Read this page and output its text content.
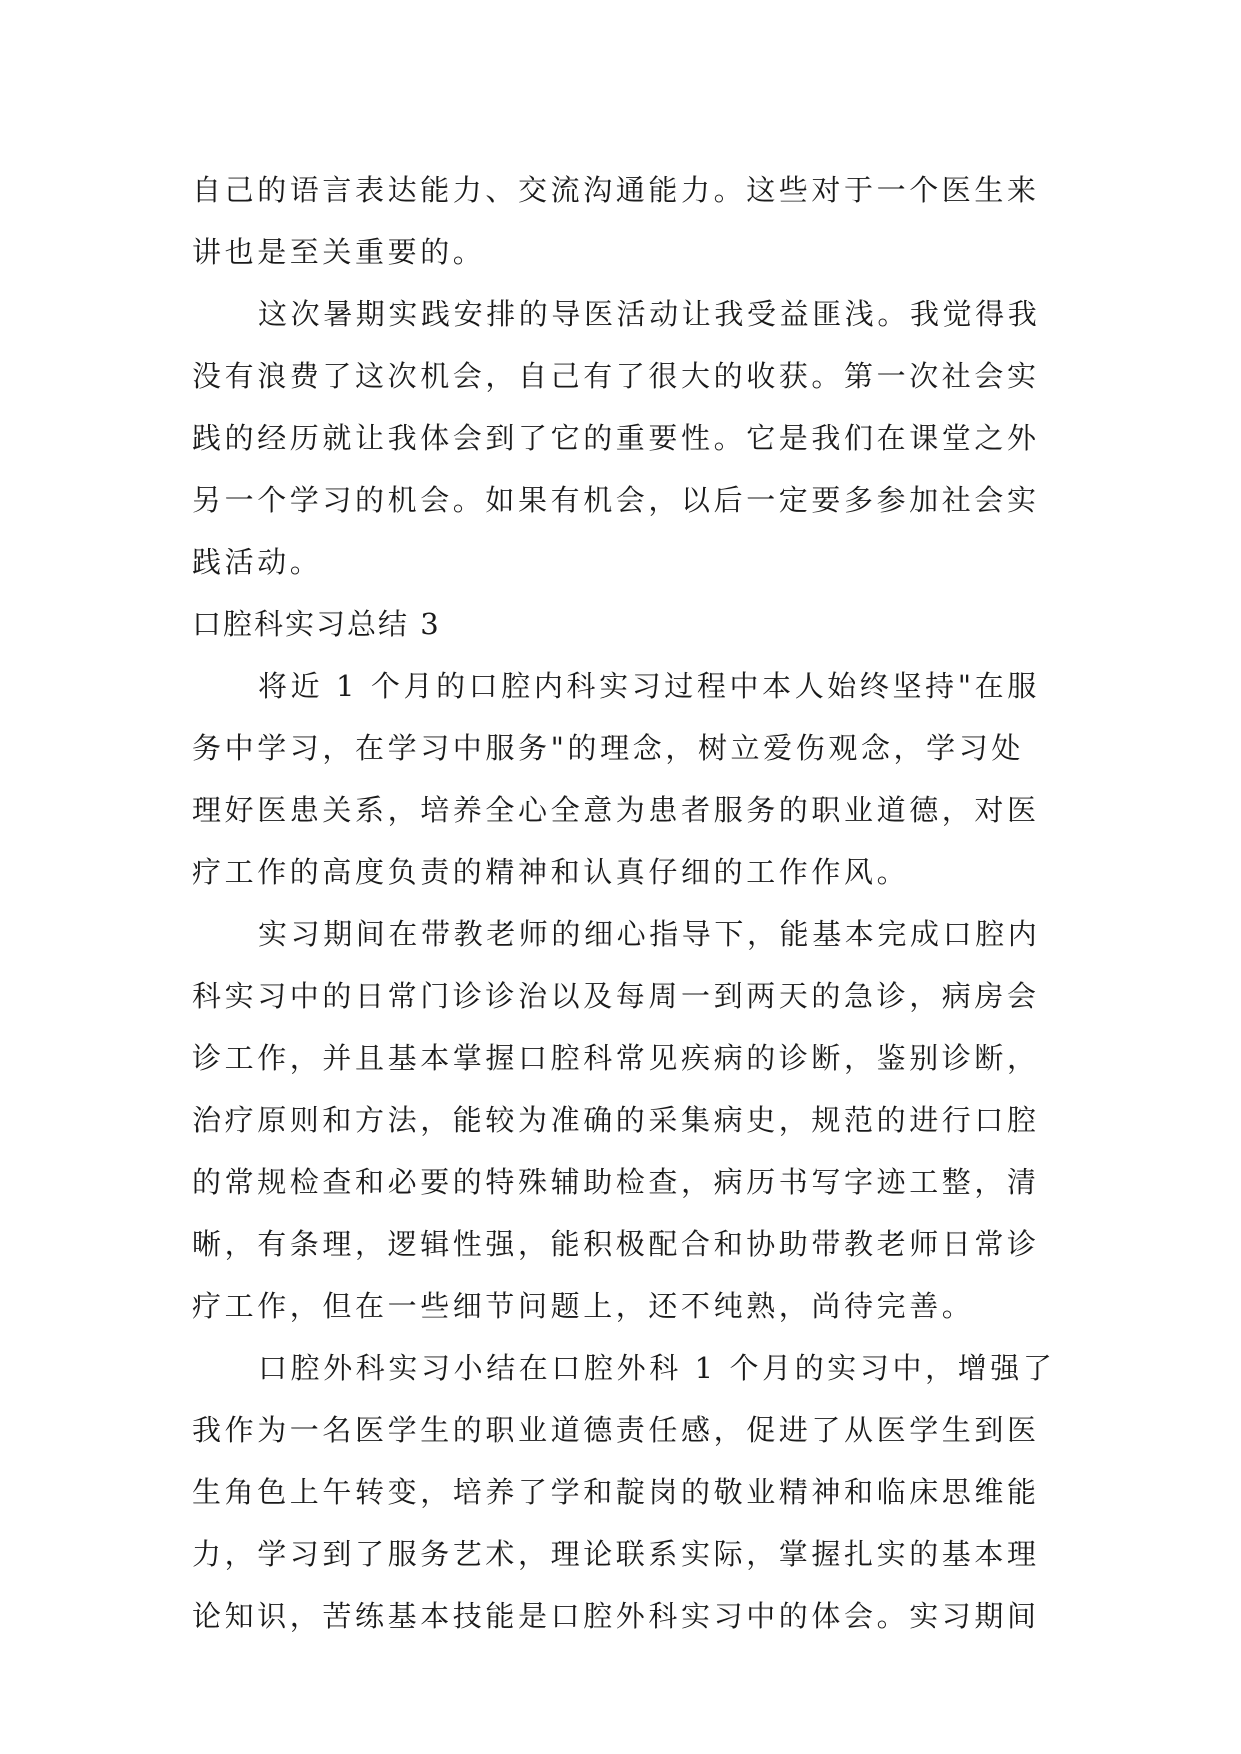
自己的语言表达能力、交流沟通能力。这些对于一个医生来
讲也是至关重要的。
这次暑期实践安排的导医活动让我受益匪浅。我觉得我
没有浪费了这次机会，自己有了很大的收获。第一次社会实
践的经历就让我体会到了它的重要性。它是我们在课堂之外
另一个学习的机会。如果有机会，以后一定要多参加社会实
践活动。
口腔科实习总结 3
将近 1 个月的口腔内科实习过程中本人始终坚持"在服
务中学习，在学习中服务"的理念，树立爱伤观念，学习处
理好医患关系，培养全心全意为患者服务的职业道德，对医
疗工作的高度负责的精神和认真仔细的工作作风。
实习期间在带教老师的细心指导下，能基本完成口腔内
科实习中的日常门诊诊治以及每周一到两天的急诊，病房会
诊工作，并且基本掌握口腔科常见疾病的诊断，鉴别诊断，
治疗原则和方法，能较为准确的采集病史，规范的进行口腔
的常规检查和必要的特殊辅助检查，病历书写字迹工整，清
晰，有条理，逻辑性强，能积极配合和协助带教老师日常诊
疗工作，但在一些细节问题上，还不纯熟，尚待完善。
口腔外科实习小结在口腔外科 1 个月的实习中，增强了
我作为一名医学生的职业道德责任感，促进了从医学生到医
生角色上午转变，培养了学和靛岗的敬业精神和临床思维能
力，学习到了服务艺术，理论联系实际，掌握扎实的基本理
论知识，苦练基本技能是口腔外科实习中的体会。实习期间
